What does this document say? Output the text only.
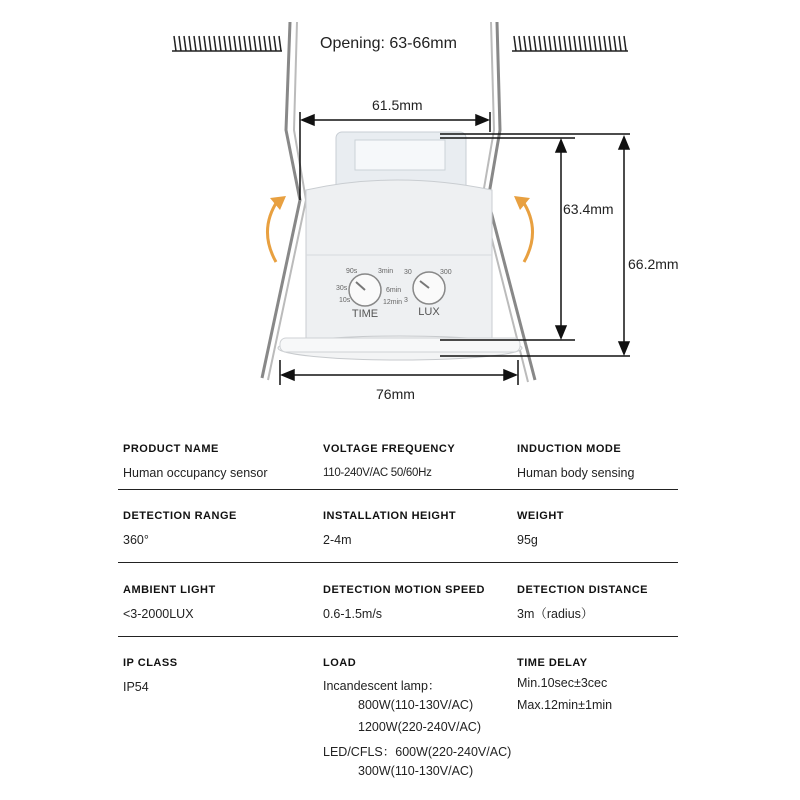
90s	3min
6min
12min
30s
10s
30	300
3
TIME	LUX
Opening: 63-66mm
61.5mm
63.4mm
66.2mm
76mm
PRODUCT NAME
Human occupancy sensor
VOLTAGE FREQUENCY
110-240V/AC 50/60Hz
INDUCTION MODE
Human body sensing
DETECTION RANGE
360°
INSTALLATION HEIGHT
2-4m
WEIGHT
95g
AMBIENT LIGHT
<3-2000LUX
DETECTION MOTION SPEED
0.6-1.5m/s
DETECTION DISTANCE
3m（radius）
IP CLASS
IP54
LOAD
Incandescent lamp：
800W(110-130V/AC)
1200W(220-240V/AC)
LED/CFLS：600W(220-240V/AC)
300W(110-130V/AC)
TIME DELAY
Min.10sec±3cec
Max.12min±1min
